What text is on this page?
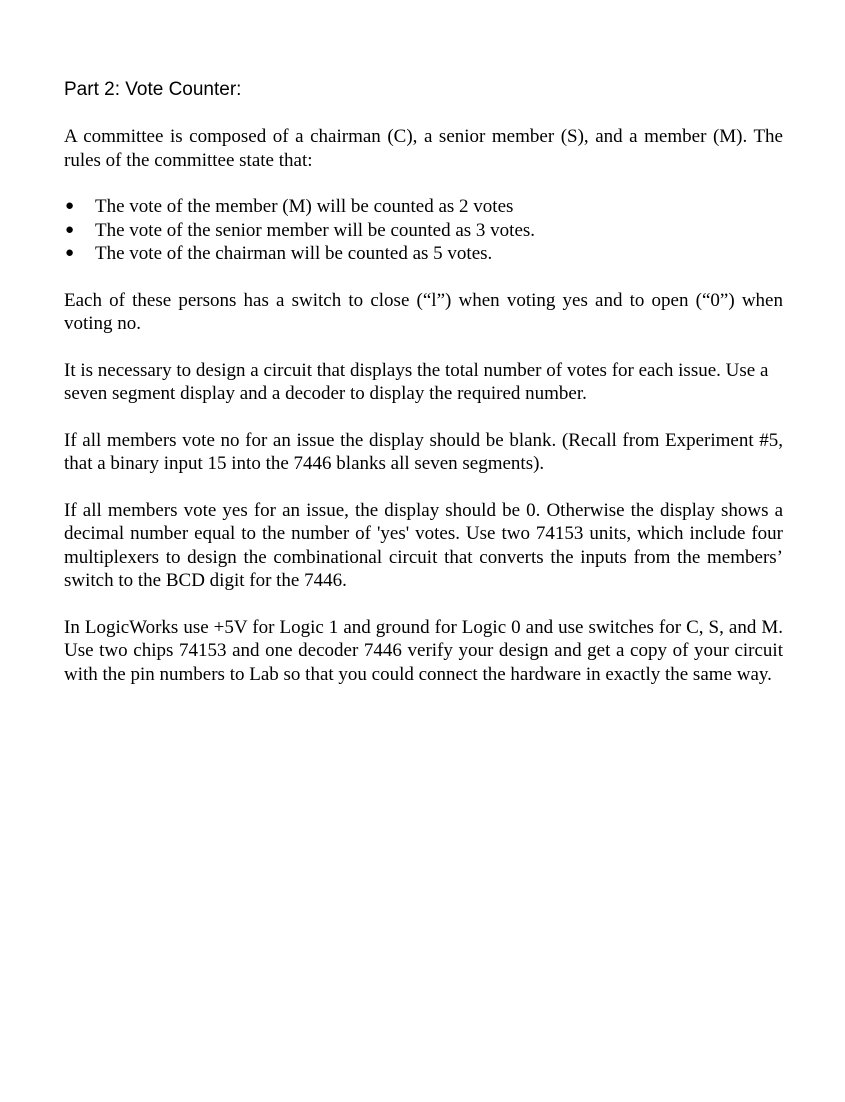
Part 2: Vote Counter:

A committee is composed of a chairman (C), a senior member (S), and a member (M). The rules of the committee state that:

● The vote of the member (M) will be counted as 2 votes
● The vote of the senior member will be counted as 3 votes.
● The vote of the chairman will be counted as 5 votes.

Each of these persons has a switch to close (“l”) when voting yes and to open (“0”) when voting no.

It is necessary to design a circuit that displays the total number of votes for each issue. Use a seven segment display and a decoder to display the required number.

If all members vote no for an issue the display should be blank. (Recall from Experiment #5, that a binary input 15 into the 7446 blanks all seven segments).

If all members vote yes for an issue, the display should be 0. Otherwise the display shows a decimal number equal to the number of 'yes' votes. Use two 74153 units, which include four multiplexers to design the combinational circuit that converts the inputs from the members’ switch to the BCD digit for the 7446.

In LogicWorks use +5V for Logic 1 and ground for Logic 0 and use switches for C, S, and M. Use two chips 74153 and one decoder 7446 verify your design and get a copy of your circuit with the pin numbers to Lab so that you could connect the hardware in exactly the same way.
